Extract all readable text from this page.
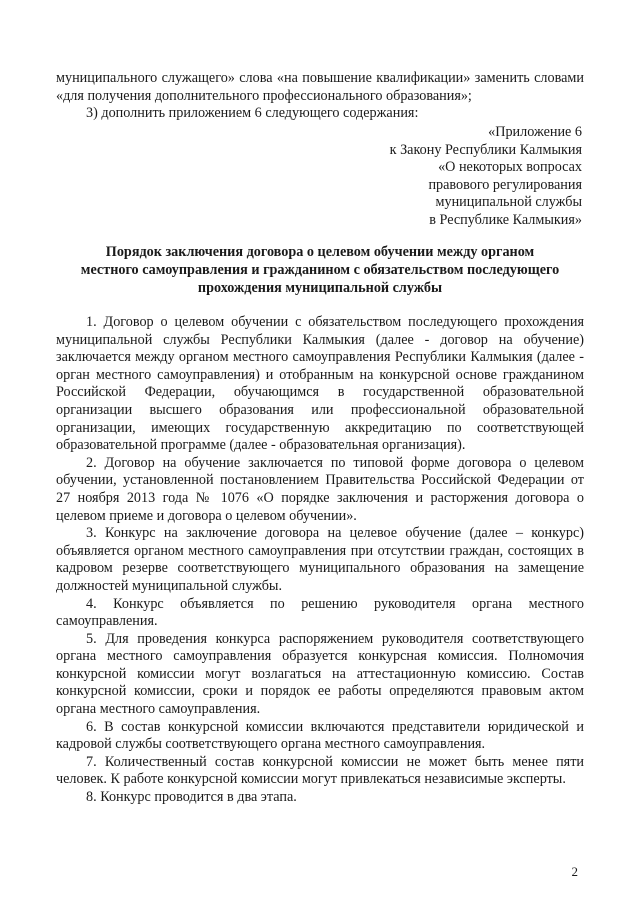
муниципального служащего» слова «на повышение квалификации» заменить словами «для получения дополнительного профессионального образования»;

3) дополнить приложением 6 следующего содержания:

«Приложение 6
к Закону Республики Калмыкия
«О некоторых вопросах
правового регулирования
муниципальной службы
в Республике Калмыкия»
Порядок заключения договора о целевом обучении между органом
местного самоуправления и гражданином с обязательством последующего
прохождения муниципальной службы

1. Договор о целевом обучении с обязательством последующего прохождения муниципальной службы Республики Калмыкия (далее - договор на обучение) заключается между органом местного самоуправления Республики Калмыкия (далее - орган местного самоуправления) и отобранным на конкурсной основе гражданином Российской Федерации, обучающимся в государственной образовательной организации высшего образования или профессиональной образовательной организации, имеющих государственную аккредитацию по соответствующей образовательной программе (далее - образовательная организация).

2. Договор на обучение заключается по типовой форме договора о целевом обучении, установленной постановлением Правительства Российской Федерации от 27 ноября 2013 года № 1076 «О порядке заключения и расторжения договора о целевом приеме и договора о целевом обучении».

3. Конкурс на заключение договора на целевое обучение (далее – конкурс) объявляется органом местного самоуправления при отсутствии граждан, состоящих в кадровом резерве соответствующего муниципального образования на замещение должностей муниципальной службы.

4. Конкурс объявляется по решению руководителя органа местного самоуправления.

5. Для проведения конкурса распоряжением руководителя соответствующего органа местного самоуправления образуется конкурсная комиссия. Полномочия конкурсной комиссии могут возлагаться на аттестационную комиссию. Состав конкурсной комиссии, сроки и порядок ее работы определяются правовым актом органа местного самоуправления.

6. В состав конкурсной комиссии включаются представители юридической и кадровой службы соответствующего органа местного самоуправления.

7. Количественный состав конкурсной комиссии не может быть менее пяти человек. К работе конкурсной комиссии могут привлекаться независимые эксперты.

8. Конкурс проводится в два этапа.

2
